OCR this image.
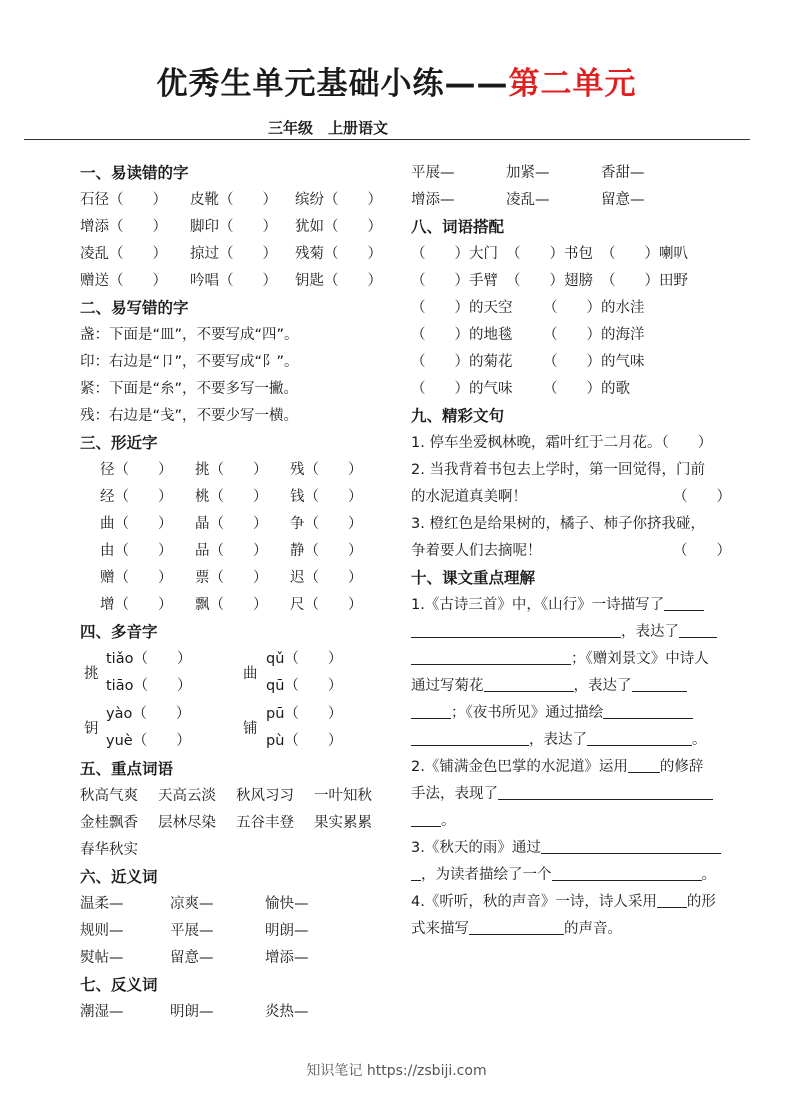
优秀生单元基础小练——第二单元
三年级　上册语文
一、易读错的字
石径（　　）	皮靴（　　）	缤纷（　　）
增添（　　）	脚印（　　）	犹如（　　）
凌乱（　　）	掠过（　　）	残菊（　　）
赠送（　　）	吟唱（　　）	钥匙（　　）
二、易写错的字
盏：下面是“皿”，不要写成“四”。
印：右边是“卩”，不要写成“阝”。
紧：下面是“糸”，不要多写一撇。
残：右边是“戋”，不要少写一横。
三、形近字
径（　　）	挑（　　）	残（　　）
经（　　）	桃（　　）	钱（　　）
曲（　　）	晶（　　）	争（　　）
由（　　）	品（　　）	静（　　）
赠（　　）	票（　　）	迟（　　）
增（　　）	飘（　　）	尺（　　）
四、多音字
挑
tiǎo（　　）
tiāo（　　）
曲
qǔ（　　）
qū（　　）
钥
yào（　　）
yuè（　　）
铺
pū（　　）
pù（　　）
五、重点词语
秋高气爽	天高云淡	秋风习习	一叶知秋
金桂飘香	层林尽染	五谷丰登	果实累累
春华秋实
六、近义词
温柔—	凉爽—	愉快—
规则—	平展—	明朗—
熨帖—	留意—	增添—
七、反义词
潮湿—	明朗—	炎热—
平展—	加紧—	香甜—
增添—	凌乱—	留意—
八、词语搭配
（　　）大门 （　　）书包 （　　）喇叭
（　　）手臂 （　　）翅膀 （　　）田野
（　　）的天空	（　　）的水洼
（　　）的地毯	（　　）的海洋
（　　）的菊花	（　　）的气味
（　　）的气味	（　　）的歌
九、精彩文句
1. 停车坐爱枫林晚，霜叶红于二月花。（　　）
2. 当我背着书包去上学时，第一回觉得，门前
的水泥道真美啊！	（　　）
3. 橙红色是给果树的，橘子、柿子你挤我碰，
争着要人们去摘呢！	（　　）
十、课文重点理解

1.《古诗三首》中，《山行》一诗描写了
，表达了
；《赠刘景文》中诗人
通过写菊花	，表达了
；《夜书所见》通过描绘
，表达了	。

2.《铺满金色巴掌的水泥道》运用 的修辞
手法，表现了
。

3.《秋天的雨》通过
，为读者描绘了一个	。

4.《听听，秋的声音》一诗，诗人采用 的形
式来描写	的声音。

知识笔记 https://zsbiji.com
